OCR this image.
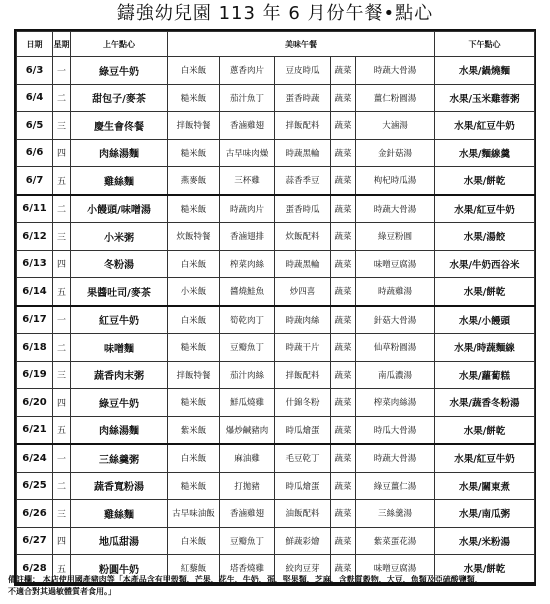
鑄強幼兒園 113 年 6 月份午餐•點心
日期	星期	上午點心	美味午餐					下午點心
6/3	一	綠豆牛奶	白米飯	蔥香肉片	豆皮時瓜	蔬菜	時蔬大骨湯	水果/鍋燒麵
6/4	二	甜包子/麥茶	糙米飯	茄汁魚丁	蛋香時蔬	蔬菜	薑仁粉圓湯	水果/玉米雞蓉粥
6/5	三	慶生會佟餐	拌飯特餐	香滷雞翅	拌飯配料	蔬菜	大滷湯	水果/紅豆牛奶
6/6	四	肉絲湯麵	糙米飯	古早味肉燥	時蔬黑輪	蔬菜	金針菇湯	水果/麵線羹
6/7	五	雞絲麵	燕麥飯	三杯雞	蒜香季豆	蔬菜	枸杞時瓜湯	水果/餅乾
6/11	二	小饅頭/味噌湯	糙米飯	時蔬肉片	蛋香時瓜	蔬菜	時蔬大骨湯	水果/紅豆牛奶
6/12	三	小米粥	炊飯特餐	香滷翅排	炊飯配料	蔬菜	綠豆粉圓	水果/湯餃
6/13	四	冬粉湯	白米飯	榨菜肉絲	時蔬黑輪	蔬菜	味噌豆腐湯	水果/牛奶西谷米
6/14	五	果醬吐司/麥茶	小米飯	醬燒鮭魚	炒四喜	蔬菜	時蔬雞湯	水果/餅乾
6/17	一	紅豆牛奶	白米飯	筍乾肉丁	時蔬肉絲	蔬菜	針菇大骨湯	水果/小饅頭
6/18	二	味噌麵	糙米飯	豆瓣魚丁	時蔬干片	蔬菜	仙草粉圓湯	水果/時蔬麵線
6/19	三	蔬香肉末粥	拌飯特餐	茄汁肉絲	拌飯配料	蔬菜	南瓜濃湯	水果/蘿蔔糕
6/20	四	綠豆牛奶	糙米飯	鮮瓜燒雞	什錦冬粉	蔬菜	榨菜肉絲湯	水果/蔬香冬粉湯
6/21	五	肉絲湯麵	紫米飯	爆炒鹹豬肉	時瓜燴蛋	蔬菜	時瓜大骨湯	水果/餅乾
6/24	一	三絲羹粥	白米飯	麻油雞	毛豆乾丁	蔬菜	時蔬大骨湯	水果/紅豆牛奶
6/25	二	蔬香寬粉湯	糙米飯	打拋豬	時瓜燴蛋	蔬菜	綠豆薑仁湯	水果/關東煮
6/26	三	雞絲麵	古早味油飯	香滷雞翅	油飯配料	蔬菜	三絲羹湯	水果/南瓜粥
6/27	四	地瓜甜湯	白米飯	豆瓣魚丁	鮮蔬彩燴	蔬菜	紫菜蛋花湯	水果/米粉湯
6/28	五	粉圓牛奶	紅藜飯	塔香燒雞	絞肉豆芽	蔬菜	味噌豆腐湯	水果/餅乾
備註欄： 本店使用國產豬肉等「本產品含有甲殼類、芒果、花生、牛奶、蛋、堅果類、芝麻、含麩質穀物、大豆、魚類及亞硫酸鹽類，
不適合對其過敏體質者食用。」
